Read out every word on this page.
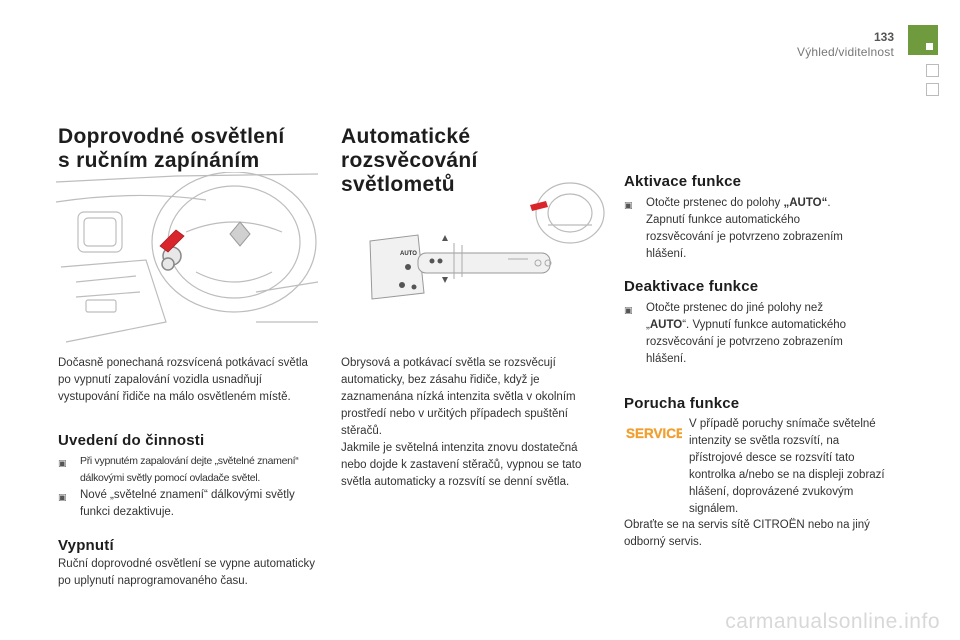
133
Výhled/viditelnost
Doprovodné osvětlení
s ručním zapínáním

Dočasně ponechaná rozsvícená potkávací světla po vypnutí zapalování vozidla usnadňují vystupování řidiče na málo osvětleném místě.

Uvedení do činnosti
▣	Při vypnutém zapalování dejte „světelné znamení“ dálkovými světly pomocí ovladače světel.
▣	Nové „světelné znamení“ dálkovými světly funkci dezaktivuje.
Vypnutí

Ruční doprovodné osvětlení se vypne automaticky po uplynutí naprogramovaného času.

Automatické rozsvěcování
světlometů
AUTO

Obrysová a potkávací světla se rozsvěcují automaticky, bez zásahu řidiče, když je zaznamenána nízká intenzita světla v okolním prostředí nebo v určitých případech spuštění stěračů.
Jakmile je světelná intenzita znovu dostatečná nebo dojde k zastavení stěračů, vypnou se tato světla automaticky a rozsvítí se denní světla.

Aktivace funkce
▣	Otočte prstenec do polohy „AUTO“. Zapnutí funkce automatického rozsvěcování je potvrzeno zobrazením hlášení.
Deaktivace funkce
▣	Otočte prstenec do jiné polohy než „AUTO“. Vypnutí funkce automatického rozsvěcování je potvrzeno zobrazením hlášení.
Porucha funkce
SERVICE

V případě poruchy snímače světelné intenzity se světla rozsvítí, na přístrojové desce se rozsvítí tato kontrolka a/nebo se na displeji zobrazí hlášení, doprovázené zvukovým signálem.

Obraťte se na servis sítě CITROËN nebo na jiný odborný servis.

carmanualsonline.info
